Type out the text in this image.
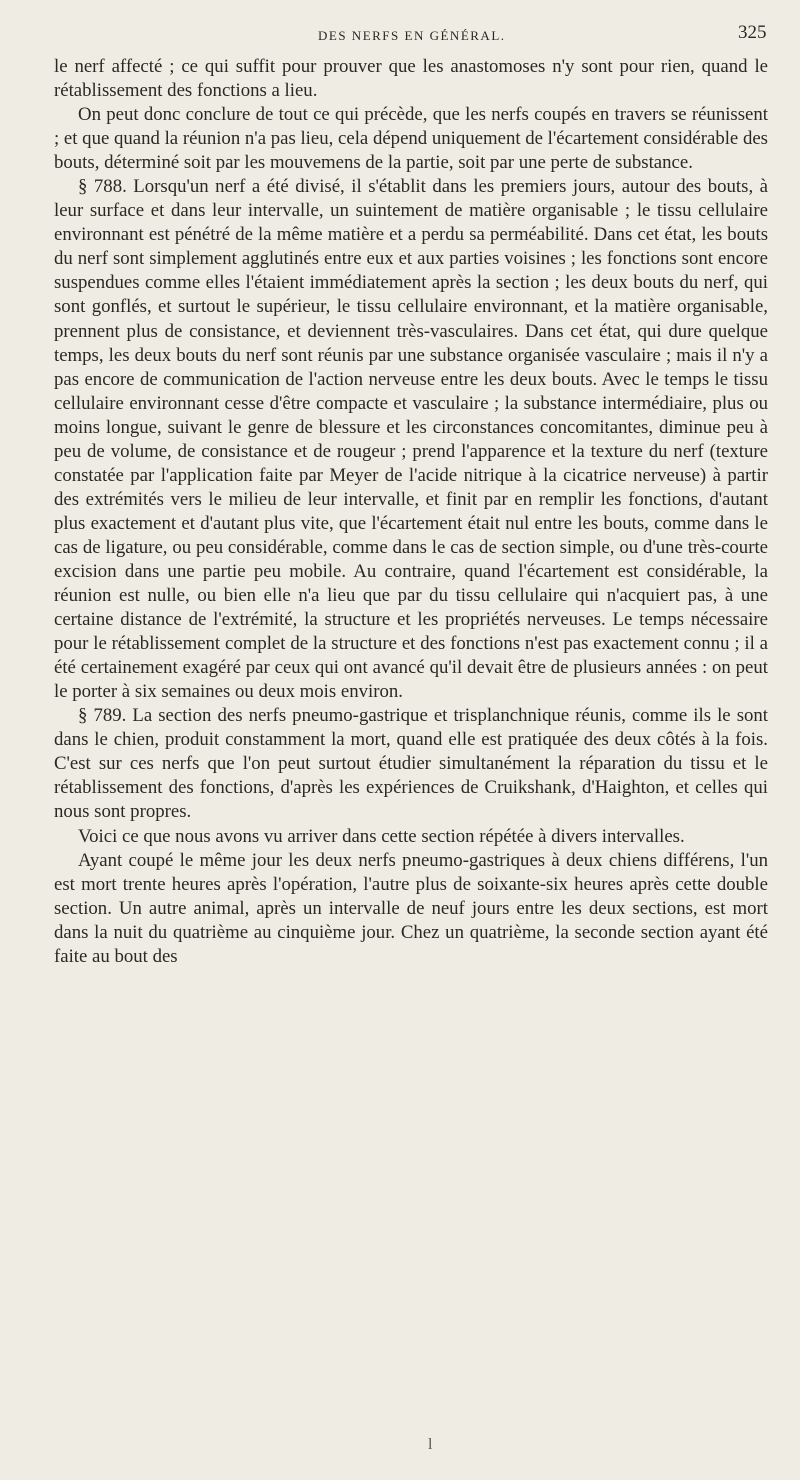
DES NERFS EN GÉNÉRAL.	325

le nerf affecté ; ce qui suffit pour prouver que les anastomoses n'y sont pour rien, quand le rétablissement des fonctions a lieu.

On peut donc conclure de tout ce qui précède, que les nerfs coupés en travers se réunissent ; et que quand la réunion n'a pas lieu, cela dépend uniquement de l'écartement considérable des bouts, déterminé soit par les mouvemens de la partie, soit par une perte de substance.

§ 788. Lorsqu'un nerf a été divisé, il s'établit dans les premiers jours, autour des bouts, à leur surface et dans leur intervalle, un suintement de matière organisable ; le tissu cellulaire environnant est pénétré de la même matière et a perdu sa perméabilité. Dans cet état, les bouts du nerf sont simplement agglutinés entre eux et aux parties voisines ; les fonctions sont encore suspendues comme elles l'étaient immédiatement après la section ; les deux bouts du nerf, qui sont gonflés, et surtout le supérieur, le tissu cellulaire environnant, et la matière organisable, prennent plus de consistance, et deviennent très-vasculaires. Dans cet état, qui dure quelque temps, les deux bouts du nerf sont réunis par une substance organisée vasculaire ; mais il n'y a pas encore de communication de l'action nerveuse entre les deux bouts. Avec le temps le tissu cellulaire environnant cesse d'être compacte et vasculaire ; la substance intermédiaire, plus ou moins longue, suivant le genre de blessure et les circonstances concomitantes, diminue peu à peu de volume, de consistance et de rougeur ; prend l'apparence et la texture du nerf (texture constatée par l'application faite par Meyer de l'acide nitrique à la cicatrice nerveuse) à partir des extrémités vers le milieu de leur intervalle, et finit par en remplir les fonctions, d'autant plus exactement et d'autant plus vite, que l'écartement était nul entre les bouts, comme dans le cas de ligature, ou peu considérable, comme dans le cas de section simple, ou d'une très-courte excision dans une partie peu mobile. Au contraire, quand l'écartement est considérable, la réunion est nulle, ou bien elle n'a lieu que par du tissu cellulaire qui n'acquiert pas, à une certaine distance de l'extrémité, la structure et les propriétés nerveuses. Le temps nécessaire pour le rétablissement complet de la structure et des fonctions n'est pas exactement connu ; il a été certainement exagéré par ceux qui ont avancé qu'il devait être de plusieurs années : on peut le porter à six semaines ou deux mois environ.

§ 789. La section des nerfs pneumo-gastrique et trisplanchnique réunis, comme ils le sont dans le chien, produit constamment la mort, quand elle est pratiquée des deux côtés à la fois. C'est sur ces nerfs que l'on peut surtout étudier simultanément la réparation du tissu et le rétablissement des fonctions, d'après les expériences de Cruikshank, d'Haighton, et celles qui nous sont propres.

Voici ce que nous avons vu arriver dans cette section répétée à divers intervalles.

Ayant coupé le même jour les deux nerfs pneumo-gastriques à deux chiens différens, l'un est mort trente heures après l'opération, l'autre plus de soixante-six heures après cette double section. Un autre animal, après un intervalle de neuf jours entre les deux sections, est mort dans la nuit du quatrième au cinquième jour. Chez un quatrième, la seconde section ayant été faite au bout des

l
